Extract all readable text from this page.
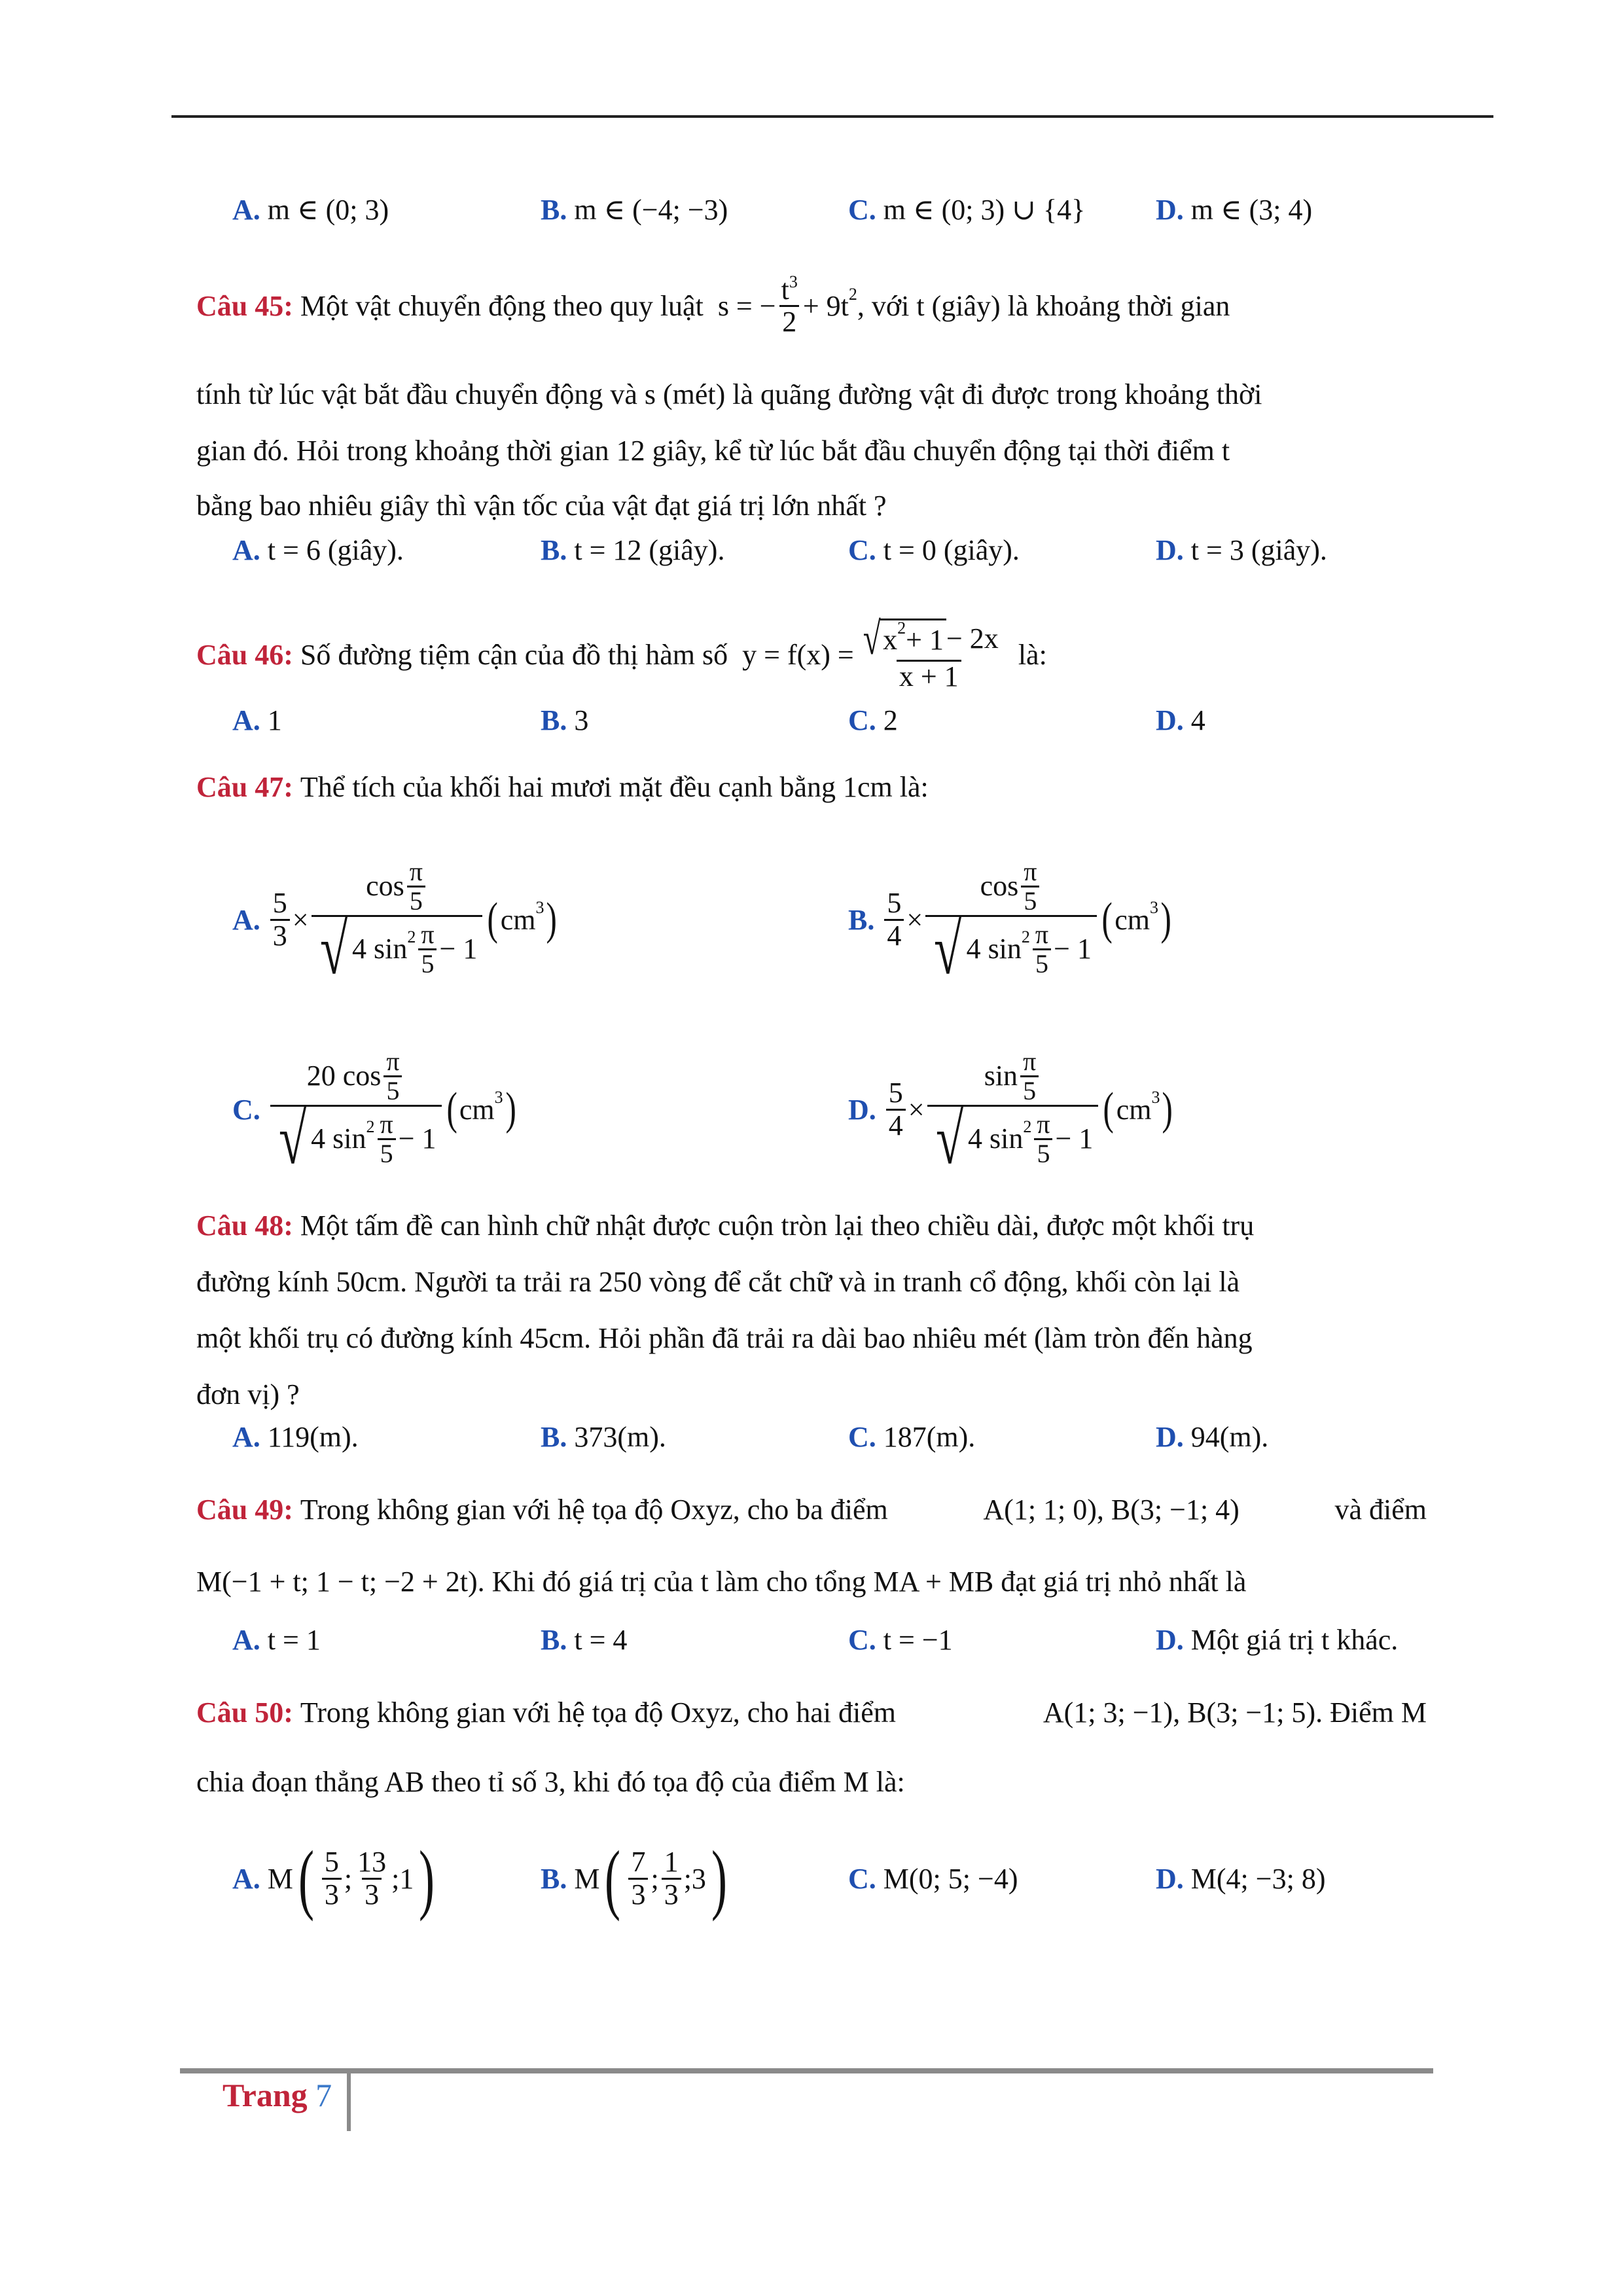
A.
m ∈ (0; 3)	B.
m ∈ (−4; −3)	C.
m ∈ (0; 3) ∪ {4} D.
m ∈ (3; 4)
Câu 45:
Một vật chuyển động theo quy luật
s = − $\frac{t^3}{2} + 9t$ 2 , với t (giây) là khoảng thời gian
tính từ lúc vật bắt đầu chuyển động và s (mét) là quãng đường vật đi được trong khoảng thời
gian đó. Hỏi trong khoảng thời gian 12 giây, kể từ lúc bắt đầu chuyển động tại thời điểm t
bằng bao nhiêu giây thì vận tốc của vật đạt giá trị lớn nhất ?
A.
t = 6 (giây).	B.
t = 12 (giây).	C.
t = 0 (giây).	D.
t = 3 (giây).
Câu 46:
Số đường tiệm cận của đồ thị hàm số
$y = f(x) = \frac{√ x 2 + 1 - 2x}{x + 1}$
là:
A.
1	B.
3	C.
2	D.
4
Câu 47: Thể tích của khối hai mươi mặt đều cạnh bằng 1cm là:
A.
$\frac{5}{3} \times \frac{\cos \frac{\pi}{5}}{√ 4 \sin 2 \frac{\pi}{5} - 1}$ ( cm 3 )	B.
$\frac{5}{4} \times \frac{\cos \frac{\pi}{5}}{√ 4 \sin 2 \frac{\pi}{5} - 1}$ ( cm 3 )
C.
$\frac{20 \cos \frac{\pi}{5}}{√ 4 \sin 2 \frac{\pi}{5} - 1}$ ( cm 3 )	D.
$\frac{5}{4} \times \frac{\sin \frac{\pi}{5}}{√ 4 \sin 2 \frac{\pi}{5} - 1}$ ( cm 3 )
Câu 48: Một tấm đề can hình chữ nhật được cuộn tròn lại theo chiều dài, được một khối trụ
đường kính 50cm. Người ta trải ra 250 vòng để cắt chữ và in tranh cổ động, khối còn lại là
một khối trụ có đường kính 45cm. Hỏi phần đã trải ra dài bao nhiêu mét (làm tròn đến hàng
đơn vị) ?
A.
119(m).	B.
373(m).	C.
187(m).	D.
94(m).
Câu 49: Trong không gian với hệ tọa độ Oxyz, cho ba điểm	A(1; 1; 0), B(3; −1; 4)	và điểm
M(−1 + t; 1 − t; −2 + 2t). Khi đó giá trị của t làm cho tổng MA + MB đạt giá trị nhỏ nhất là
A.
t = 1	B.
t = 4	C.
t = −1	D.
Một giá trị t khác.
Câu 50: Trong không gian với hệ tọa độ Oxyz, cho hai điểm	A(1; 3; −1), B(3; −1; 5). Điểm M
chia đoạn thẳng AB theo tỉ số 3, khi đó tọa độ của điểm M là:
A.
M ( $\frac{5}{3}$ ; $\frac{13}{3}$ ; 1 )	B.
M ( $\frac{7}{3}$ ; $\frac{1}{3}$ ; 3 )	C.
M(0; 5; −4)	D.
M(4; −3; 8)
Trang 7
